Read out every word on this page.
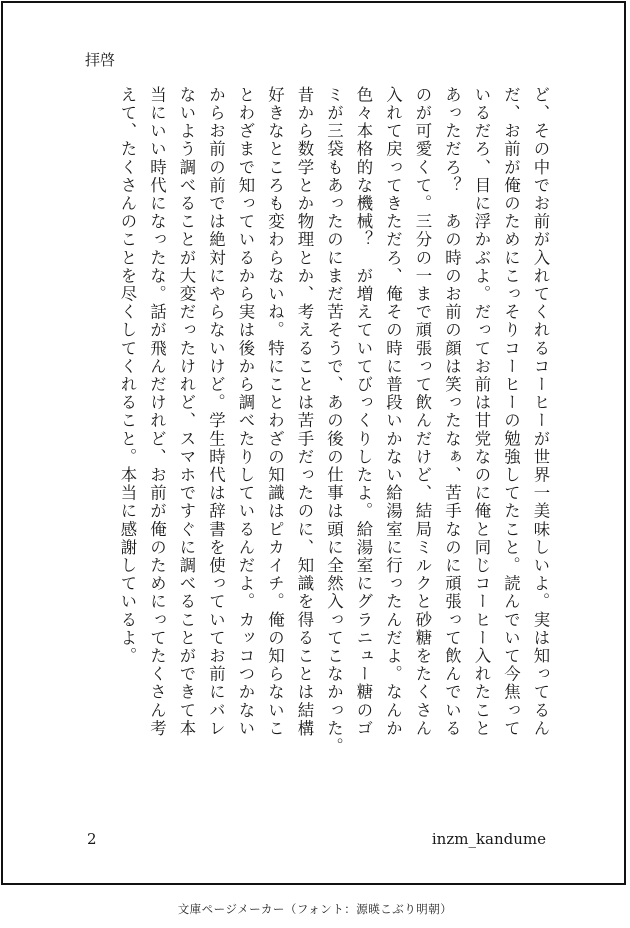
拝啓
ど、その中でお前が入れてくれるコーヒーが世界一美味しいよ。実は知ってるん
だ、お前が俺のためにこっそりコーヒーの勉強してたこと。読んでいて今焦って
いるだろ、目に浮かぶよ。だってお前は甘党なのに俺と同じコーヒー入れたこと
あっただろ？　あの時のお前の顔は笑ったなぁ、苦手なのに頑張って飲んでいる
のが可愛くて。三分の一まで頑張って飲んだけど、結局ミルクと砂糖をたくさん
入れて戻ってきただろ、俺その時に普段いかない給湯室に行ったんだよ。なんか
色々本格的な機械？　が増えていてびっくりしたよ。給湯室にグラニュー糖のゴ
ミが三袋もあったのにまだ苦そうで、あの後の仕事は頭に全然入ってこなかった。
昔から数学とか物理とか、考えることは苦手だったのに、知識を得ることは結構
好きなところも変わらないね。特にことわざの知識はピカイチ。俺の知らないこ
とわざまで知っているから実は後から調べたりしているんだよ。カッコつかない
からお前の前では絶対にやらないけど。学生時代は辞書を使っていてお前にバレ
ないよう調べることが大変だったけれど、スマホですぐに調べることができて本
当にいい時代になったな。話が飛んだけれど、お前が俺のためにってたくさん考
えて、たくさんのことを尽くしてくれること。本当に感謝しているよ。
2	inzm_kandume
文庫ページメーカー（フォント：源暎こぶり明朝）
